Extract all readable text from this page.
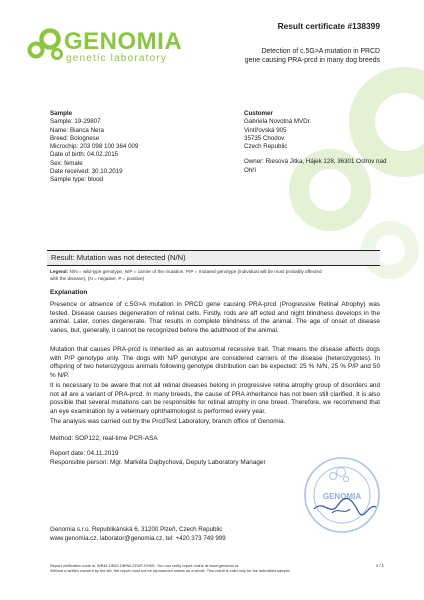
GENOMIA
genetic laboratory
Result certificate #138399
Detection of c.5G>A mutation in PRCD
gene causing PRA-prcd in many dog breeds
Sample
Sample: 19-29807
Name: Bianca Nera
Breed: Bolognese
Microchip: 203 098 100 364 009
Date of birth: 04.02.2015
Sex: female
Date received: 30.10.2019
Sample type: blood
Customer
Gabriela Novotná MVDr.
Vintířovská 905
35735 Chodov
Czech Republic
Owner: Riesová Jitka, Hájek 128, 36301 Ostrov nad
Ohří
Result: Mutation was not detected (N/N)
Legend: N/N = wild-type genotype, N/P = carrier of the mutation, P/P = mutated genotype (individual will be most probably affected
with the disease), (N = negative, P = positive)
Explanation
Presence or absence of c.5G>A mutation in PRCD gene causing PRA-prcd (Progressive Retinal Atrophy) was tested. Disease causes degeneration of retinal cells. Firstly, rods are aff ected and night blindness develops in the animal. Later, cones degenerate. That results in complete blindness of the animal. The age of onset of disease varies, but, generally, it cannot be recognized before the adulthood of the animal.
Mutation that causes PRA-prcd is inherited as an autosomal recessive trait. That means the disease affects dogs with P/P genotype only. The dogs with N/P genotype are considered carriers of the disease (heterozygotes). In offspring of two heterozygous animals following genotype distribution can be expected: 25 % N/N, 25 % P/P and 50 % N/P.
It is necessary to be aware that not all retinal diseases belong in progressive retina atrophy group of disorders and not all are a variant of PRA-prcd. In many breeds, the cause of PRA inheritance has not been still clarified. It is also possible that several mutations can be responsible for retinal atrophy in one breed. Therefore, we recommend that an eye examination by a veterinary ophthalmologist is performed every year.
The analysis was carried out by the PrcdTest Laboratory, branch office of Genomia.
Method: SOP122, real-time PCR-ASA
Report date: 04.11.2019
Responsible person: Mgr. Markéta Dajbychová, Deputy Laboratory Manager
GENOMIA
Genomia s.r.o. Republikánská 6, 31200 Plzeň, Czech Republic
www.genomia.cz, laborator@genomia.cz, tel: +420 373 749 999
Report verification code is: WB46-DE62-DB9W-2EWT-EHKE. You can verify report online at www.genomia.cz
Without a written consent by the lab, the report must not be reproduced unless as a whole. This result is valid only for the submitted sample.
1 / 1
